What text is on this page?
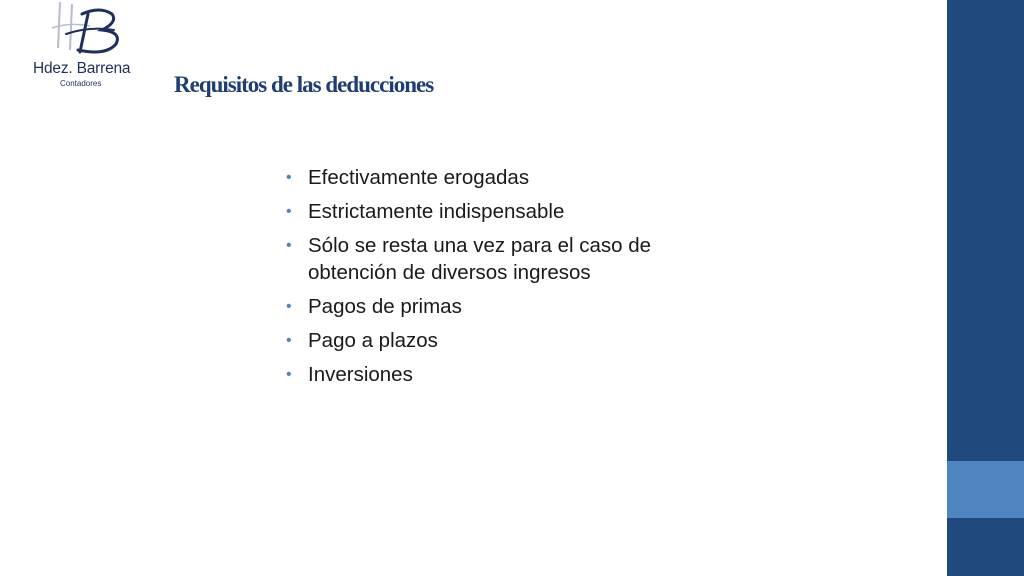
Hdez. Barrena
Contadores	Requisitos de las deducciones
• Efectivamente erogadas
• Estrictamente indispensable
• Sólo se resta una vez para el caso de obtención de diversos ingresos
• Pagos de primas
• Pago a plazos
• Inversiones
